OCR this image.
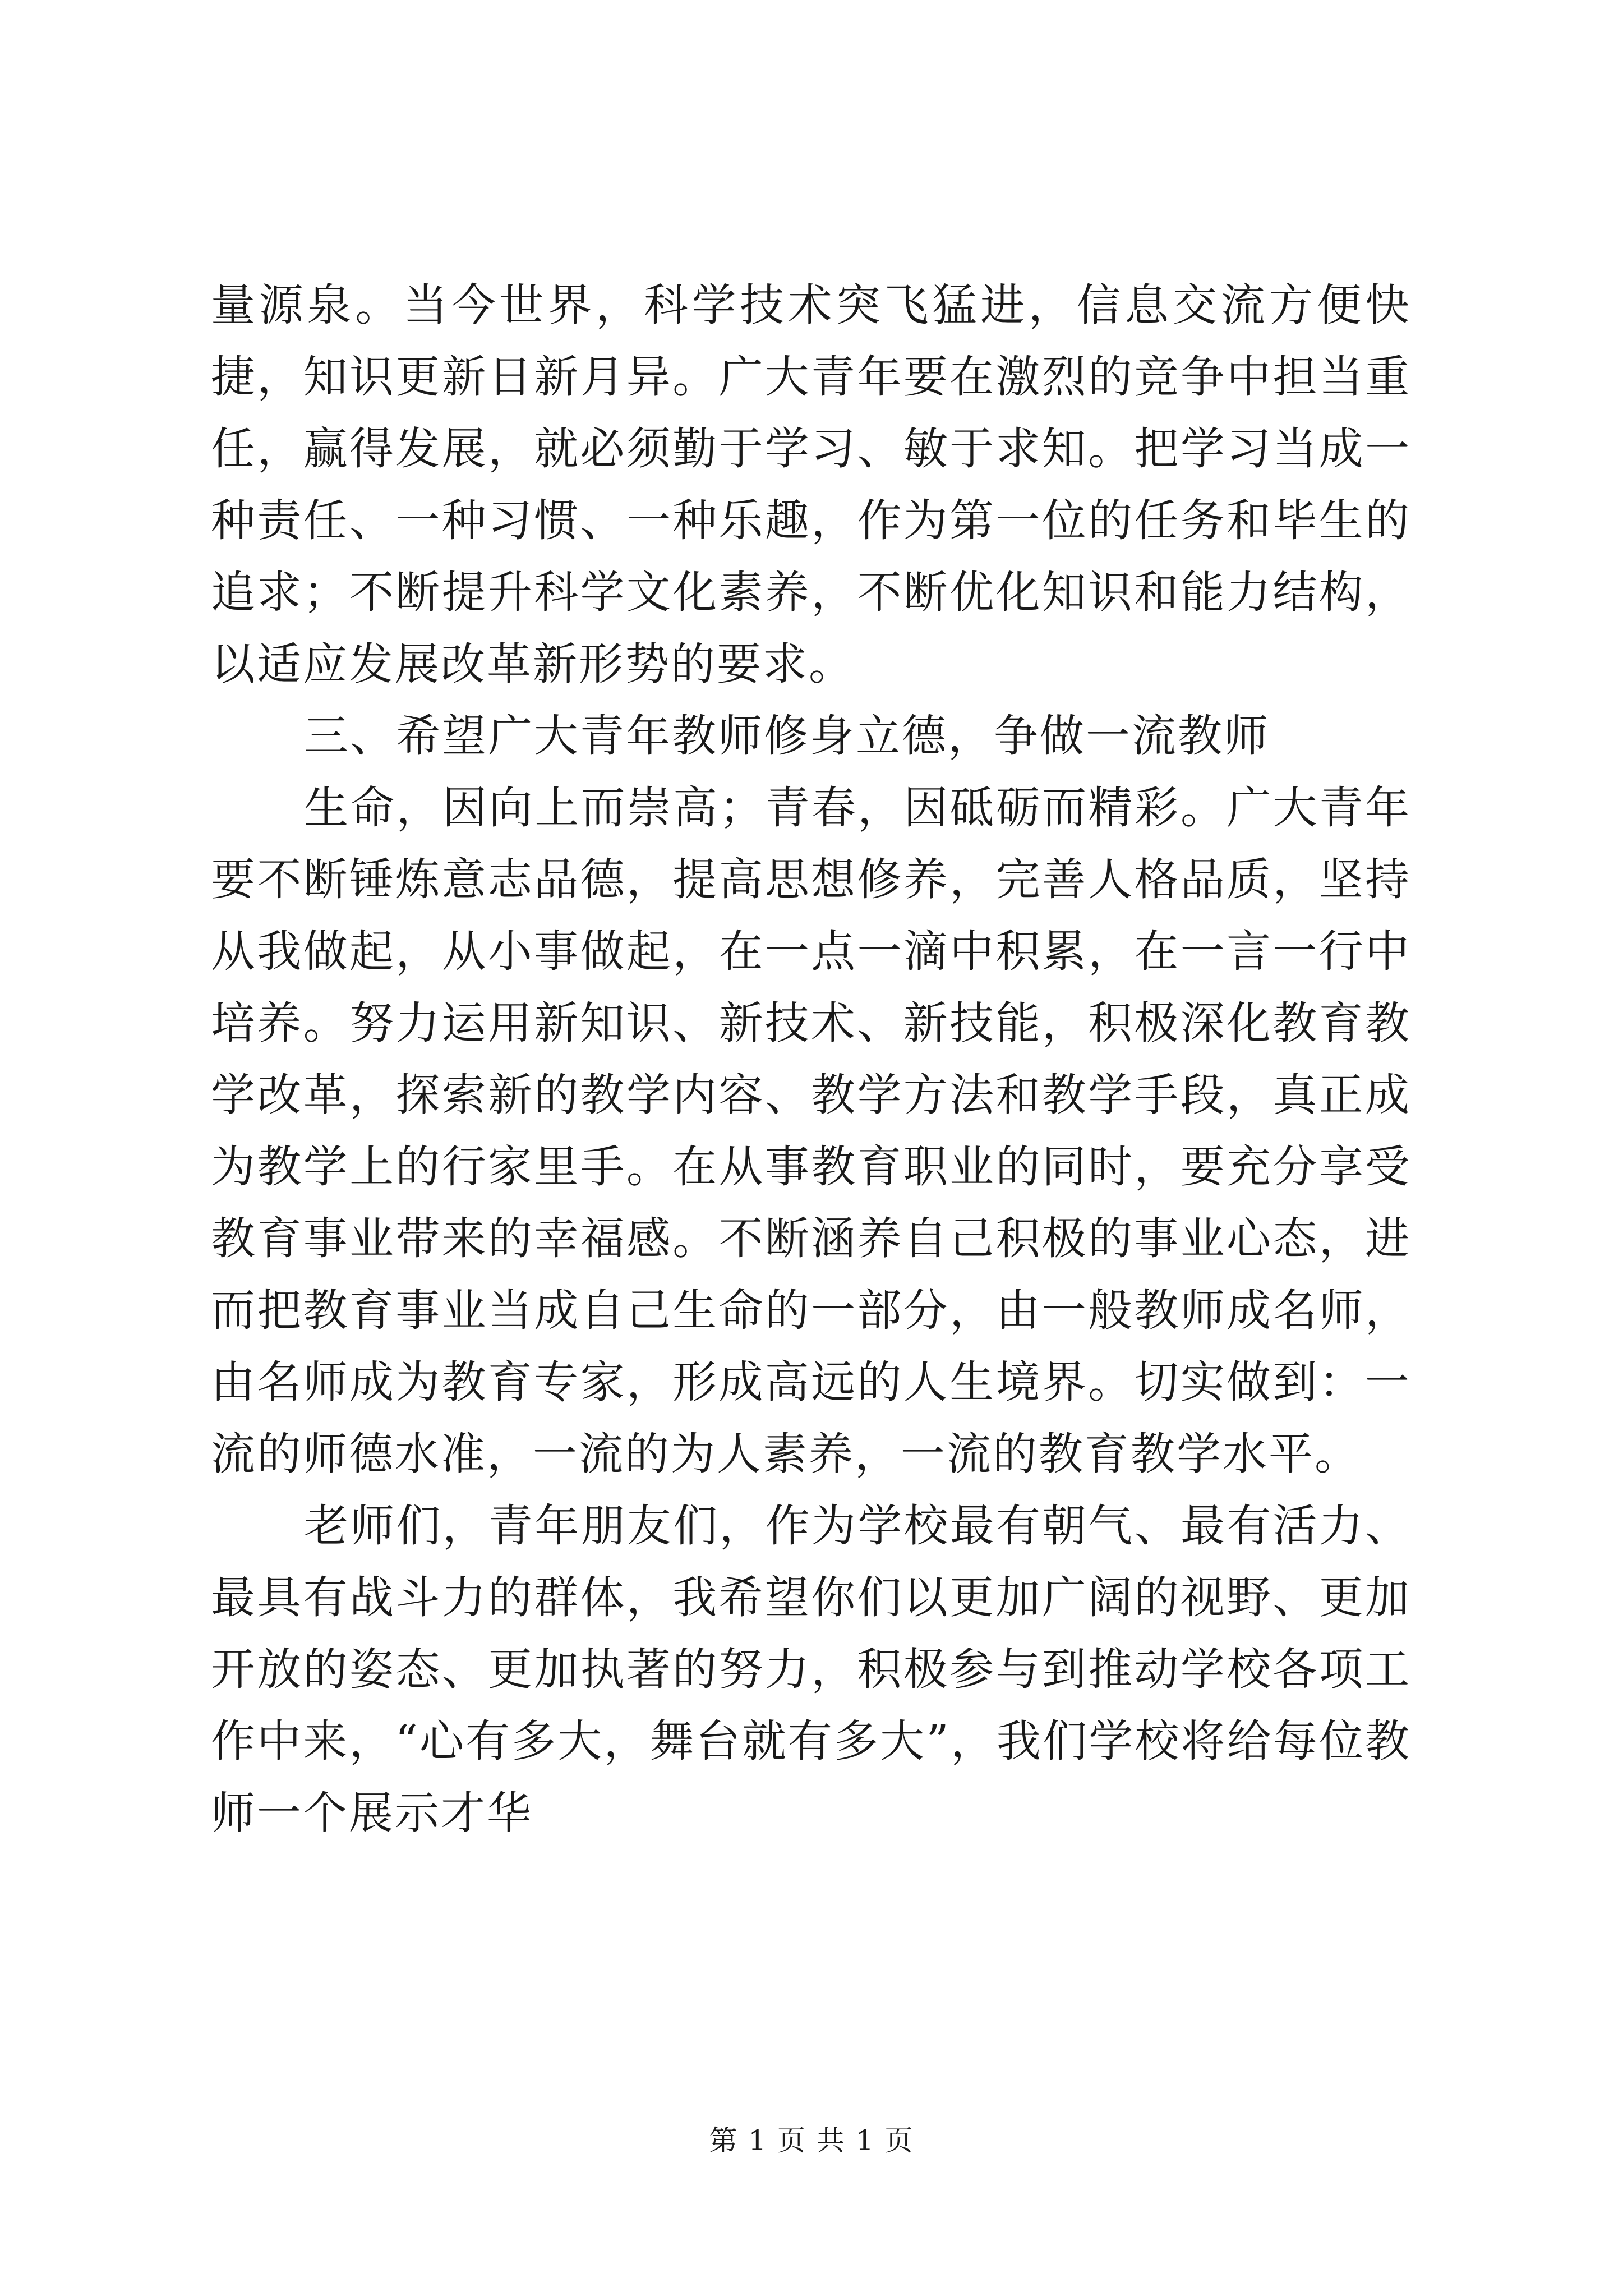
量源泉。当今世界，科学技术突飞猛进，信息交流方便快捷，知识更新日新月异。广大青年要在激烈的竞争中担当重任，赢得发展，就必须勤于学习、敏于求知。把学习当成一种责任、一种习惯、一种乐趣，作为第一位的任务和毕生的追求；不断提升科学文化素养，不断优化知识和能力结构，以适应发展改革新形势的要求。

三、希望广大青年教师修身立德，争做一流教师

生命，因向上而崇高；青春，因砥砺而精彩。广大青年要不断锤炼意志品德，提高思想修养，完善人格品质，坚持从我做起，从小事做起，在一点一滴中积累，在一言一行中培养。努力运用新知识、新技术、新技能，积极深化教育教学改革，探索新的教学内容、教学方法和教学手段，真正成为教学上的行家里手。在从事教育职业的同时，要充分享受教育事业带来的幸福感。不断涵养自己积极的事业心态，进而把教育事业当成自己生命的一部分，由一般教师成名师，由名师成为教育专家，形成高远的人生境界。切实做到：一流的师德水准，一流的为人素养，一流的教育教学水平。

老师们，青年朋友们，作为学校最有朝气、最有活力、最具有战斗力的群体，我希望你们以更加广阔的视野、更加开放的姿态、更加执著的努力，积极参与到推动学校各项工作中来，“心有多大，舞台就有多大”，我们学校将给每位教师一个展示才华

第 1 页 共 1 页
